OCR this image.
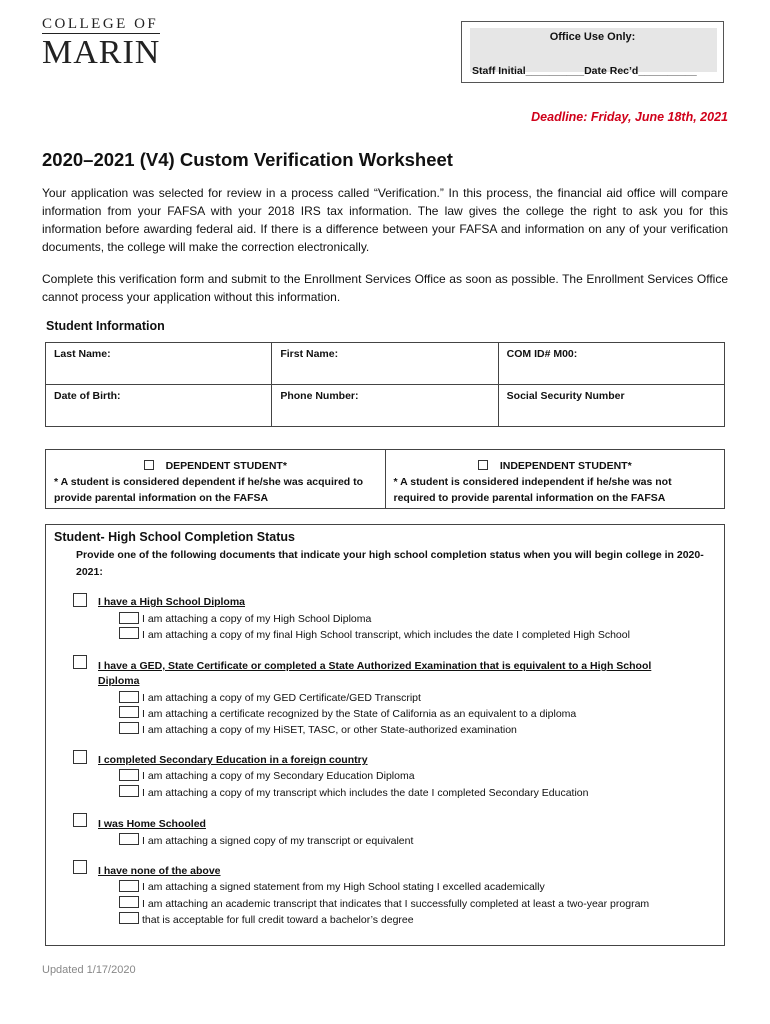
COLLEGE OF
MARIN	Office Use Only:
Staff Initial__________Date Rec’d__________
Deadline: Friday, June 18th, 2021
2020–2021 (V4) Custom Verification Worksheet
Your application was selected for review in a process called “Verification.” In this process, the financial aid office will compare information from your FAFSA with your 2018 IRS tax information. The law gives the college the right to ask you for this information before awarding federal aid. If there is a difference between your FAFSA and information on any of your verification documents, the college will make the correction electronically.
Complete this verification form and submit to the Enrollment Services Office as soon as possible. The Enrollment Services Office cannot process your application without this information.
Student Information
Last Name:	First Name:	COM ID# M00:
Date of Birth:	Phone Number:	Social Security Number
DEPENDENT STUDENT*
* A student is considered dependent if he/she was acquired to provide parental information on the FAFSA
INDEPENDENT STUDENT*
* A student is considered independent if he/she was not required to provide parental information on the FAFSA
Student- High School Completion Status
Provide one of the following documents that indicate your high school completion status when you will begin college in 2020-2021:
I have a High School Diploma
I am attaching a copy of my High School Diploma
I am attaching a copy of my final High School transcript, which includes the date I completed High School
I have a GED, State Certificate or completed a State Authorized Examination that is equivalent to a High School Diploma
I am attaching a copy of my GED Certificate/GED Transcript
I am attaching a certificate recognized by the State of California as an equivalent to a diploma
I am attaching a copy of my HiSET, TASC, or other State-authorized examination
I completed Secondary Education in a foreign country
I am attaching a copy of my Secondary Education Diploma
I am attaching a copy of my transcript which includes the date I completed Secondary Education
I was Home Schooled
I am attaching a signed copy of my transcript or equivalent
I have none of the above
I am attaching a signed statement from my High School stating I excelled academically
I am attaching an academic transcript that indicates that I successfully completed at least a two-year program
that is acceptable for full credit toward a bachelor’s degree
Updated 1/17/2020
